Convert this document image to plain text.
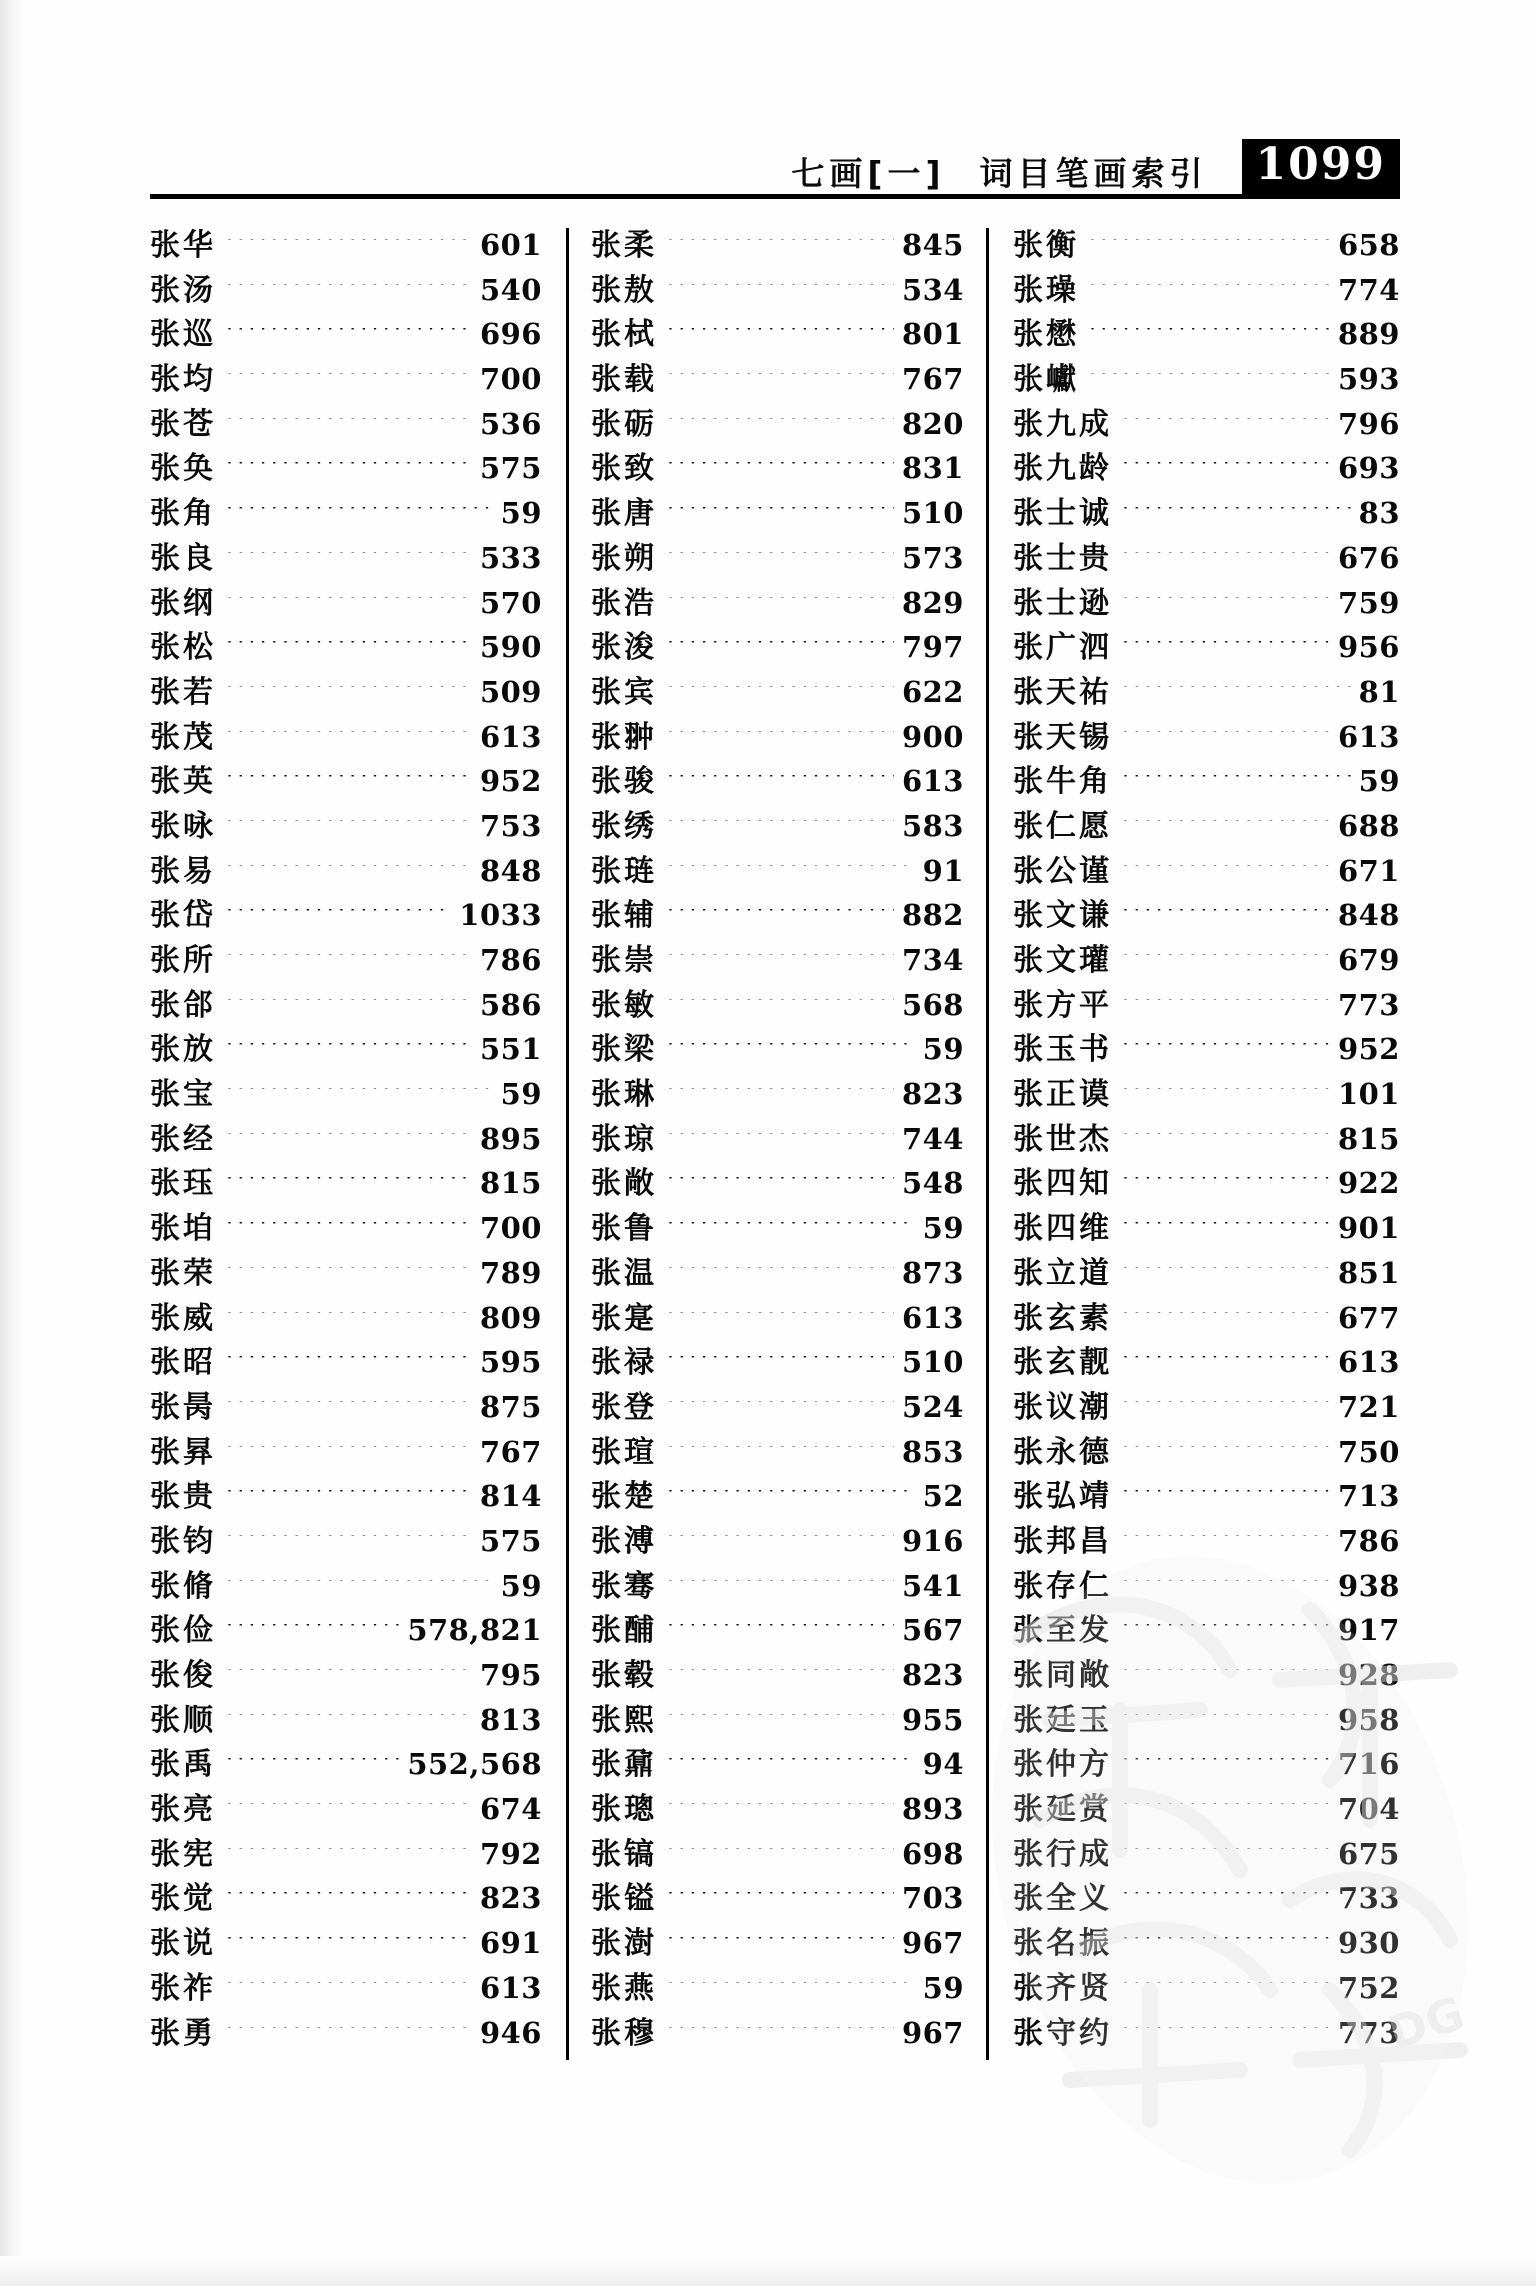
七画[一] 词目笔画索引	1099
张华 ·····	601
张汤 ·····	540
张巡 ·····	696
张均 ·····	700
张苍 ·····	536
张奂 ·····	575
张角 ·····	59
张良 ·····	533
张纲 ·····	570
张松 ·····	590
张若 ·····	509
张茂 ·····	613
张英 ·····	952
张咏 ·····	753
张易 ·····	848
张岱 ·····	1033
张所 ·····	786
张郃 ·····	586
张放 ·····	551
张宝 ·····	59
张经 ·····	895
张珏 ·····	815
张垍 ·····	700
张荣 ·····	789
张威 ·····	809
张昭 ·····	595
张昺 ·····	875
张昪 ·····	767
张贵 ·····	814
张钧 ·····	575
张脩 ·····	59
张俭 ·····	578,821
张俊 ·····	795
张顺 ·····	813
张禹 ·····	552,568
张亮 ·····	674
张宪 ·····	792
张觉 ·····	823
张说 ·····	691
张祚 ·····	613
张勇 ·····	946
张柔 ·····	845
张敖 ·····	534
张栻 ·····	801
张载 ·····	767
张砺 ·····	820
张致 ·····	831
张唐 ·····	510
张朔 ·····	573
张浩 ·····	829
张浚 ·····	797
张宾 ·····	622
张翀 ·····	900
张骏 ·····	613
张绣 ·····	583
张琏 ·····	91
张辅 ·····	882
张崇 ·····	734
张敏 ·····	568
张梁 ·····	59
张琳 ·····	823
张琼 ·····	744
张敞 ·····	548
张鲁 ·····	59
张温 ·····	873
张寔 ·····	613
张禄 ·····	510
张登 ·····	524
张瑄 ·····	853
张楚 ·····	52
张溥 ·····	916
张骞 ·····	541
张酺 ·····	567
张毂 ·····	823
张熙 ·····	955
张鼐 ·····	94
张璁 ·····	893
张镐 ·····	698
张镒 ·····	703
张澍 ·····	967
张燕 ·····	59
张穆 ·····	967
张衡 ·····	658
张璪 ·····	774
张懋 ·····	889
张巘 ·····	593
张九成 ·····	796
张九龄 ·····	693
张士诚 ·····	83
张士贵 ·····	676
张士逊 ·····	759
张广泗 ·····	956
张天祐 ·····	81
张天锡 ·····	613
张牛角 ·····	59
张仁愿 ·····	688
张公谨 ·····	671
张文谦 ·····	848
张文瓘 ·····	679
张方平 ·····	773
张玉书 ·····	952
张正谟 ·····	101
张世杰 ·····	815
张四知 ·····	922
张四维 ·····	901
张立道 ·····	851
张玄素 ·····	677
张玄靓 ·····	613
张议潮 ·····	721
张永德 ·····	750
张弘靖 ·····	713
张邦昌 ·····	786
张存仁 ·····	938
张至发 ·····	917
张同敞 ·····	928
张廷玉 ·····	958
张仲方 ·····	716
张延赏 ·····	704
张行成 ·····	675
张全义 ·····	733
张名振 ·····	930
张齐贤 ·····	752
张守约 ·····	773
DG
